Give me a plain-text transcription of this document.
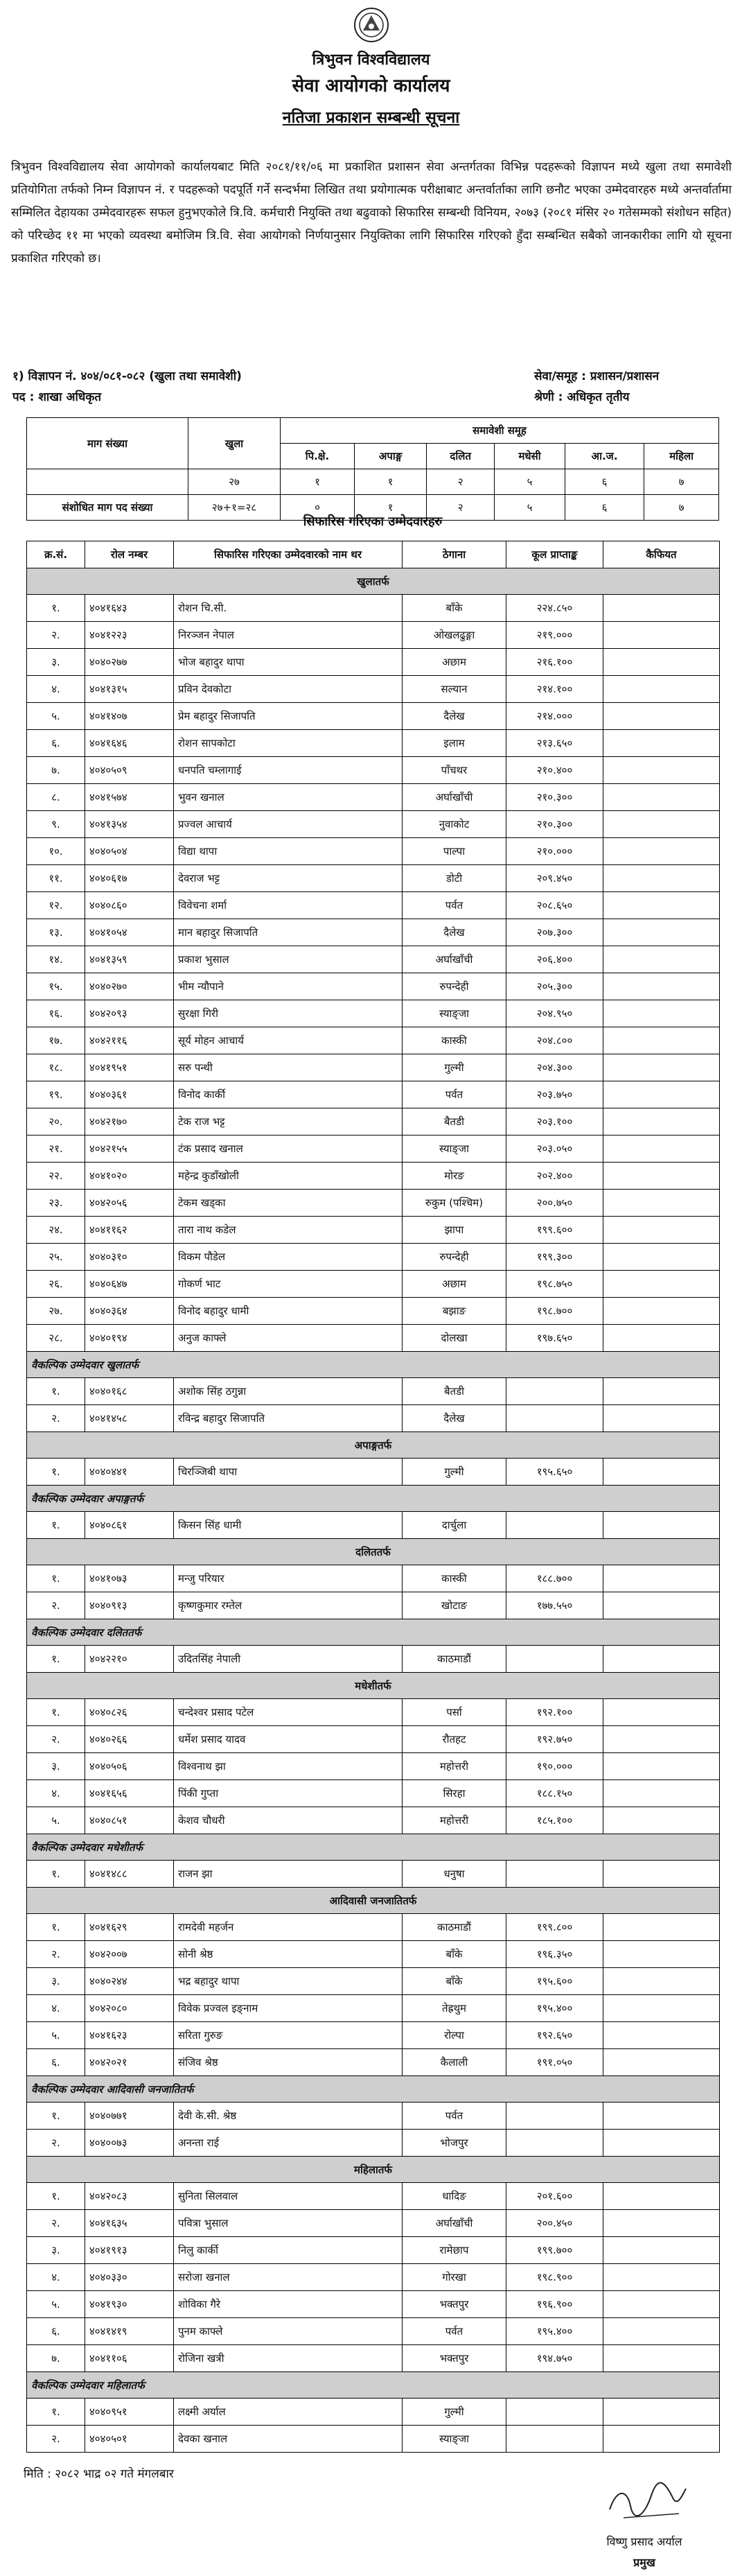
त्रिभुवन विश्वविद्यालय
सेवा आयोगको कार्यालय
नतिजा प्रकाशन सम्बन्धी सूचना
त्रिभुवन विश्वविद्यालय सेवा आयोगको कार्यालयबाट मिति २०८१/११/०६ मा प्रकाशित प्रशासन सेवा अन्तर्गतका विभिन्न पदहरूको विज्ञापन मध्ये खुला तथा समावेशी प्रतियोगिता तर्फको निम्न विज्ञापन नं. र पदहरूको पदपूर्ति गर्ने सन्दर्भमा लिखित तथा प्रयोगात्मक परीक्षाबाट अन्तर्वार्ताका लागि छनौट भएका उम्मेदवारहरु मध्ये अन्तर्वार्तामा सम्मिलित देहायका उम्मेदवारहरू सफल हुनुभएकोले त्रि.वि. कर्मचारी नियुक्ति तथा बढुवाको सिफारिस सम्बन्धी विनियम, २०७३ (२०८१ मंसिर २० गतेसम्मको संशोधन सहित) को परिच्छेद ११ मा भएको व्यवस्था बमोजिम त्रि.वि. सेवा आयोगको निर्णयानुसार नियुक्तिका लागि सिफारिस गरिएको हुँदा सम्बन्धित सबैको जानकारीका लागि यो सूचना प्रकाशित गरिएको छ।
१) विज्ञापन नं. ४०४/०८१-०८२ (खुला तथा समावेशी)	सेवा/समूह : प्रशासन/प्रशासन
पद : शाखा अधिकृत	श्रेणी : अधिकृत तृतीय
माग संख्या	खुला	समावेशी समूह					
		पि.क्षे.	अपाङ्ग	दलित	मधेसी	आ.ज.	महिला
	२७	१	१	२	५	६	७
संशोधित माग पद संख्या	२७+१=२८	०	१	२	५	६	७
सिफारिस गरिएका उम्मेदवारहरु
क्र.सं.	रोल नम्बर	सिफारिस गरिएका उम्मेदवारको नाम थर	ठेगाना	कूल प्राप्ताङ्क	कैफियत
खुलातर्फ					
१.	४०४१६४३	रोशन चि.सी.	बाँके	२२४.८५०	
२.	४०४१२२३	निरञ्जन नेपाल	ओखलढुङ्गा	२१९.०००	
३.	४०४०२७७	भोज बहादुर थापा	अछाम	२१६.१००	
४.	४०४१३१५	प्रविन देवकोटा	सल्यान	२१४.१००	
५.	४०४१४०७	प्रेम बहादुर सिजापति	दैलेख	२१४.०००	
६.	४०४१६४६	रोशन सापकोटा	इलाम	२१३.६५०	
७.	४०४०५०९	धनपति चम्लागाई	पाँचथर	२१०.४००	
८.	४०४१५७४	भुवन खनाल	अर्घाखाँची	२१०.३००	
९.	४०४१३५४	प्रज्वल आचार्य	नुवाकोट	२१०.३००	
१०.	४०४०५०४	विद्या थापा	पाल्पा	२१०.०००	
११.	४०४०६१७	देवराज भट्ट	डोटी	२०९.४५०	
१२.	४०४०८६०	विवेचना शर्मा	पर्वत	२०८.६५०	
१३.	४०४१०५४	मान बहादुर सिजापति	दैलेख	२०७.३००	
१४.	४०४१३५९	प्रकाश भुसाल	अर्घाखाँची	२०६.४००	
१५.	४०४०२७०	भीम न्यौपाने	रुपन्देही	२०५.३००	
१६.	४०४२०९३	सुरक्षा गिरी	स्याङ्जा	२०४.९५०	
१७.	४०४२११६	सूर्य मोहन आचार्य	कास्की	२०४.८००	
१८.	४०४१९५१	सरु पन्थी	गुल्मी	२०४.३००	
१९.	४०४०३६१	विनोद कार्की	पर्वत	२०३.७५०	
२०.	४०४२१७०	टेक राज भट्ट	बैतडी	२०३.१००	
२१.	४०४२१५५	टंक प्रसाद खनाल	स्याङ्जा	२०३.०५०	
२२.	४०४१०२०	महेन्द्र कुडाँखोली	मोरङ	२०२.४००	
२३.	४०४२०५६	टेकम खड्का	रुकुम (पश्चिम)	२००.७५०	
२४.	४०४११६२	तारा नाथ कडेल	झापा	१९९.६००	
२५.	४०४०३१०	विकम पौडेल	रुपन्देही	१९९.३००	
२६.	४०४०६४७	गोकर्ण भाट	अछाम	१९८.७५०	
२७.	४०४०३६४	विनोद बहादुर धामी	बझाङ	१९८.७००	
२८.	४०४०१९४	अनुज काफ्ले	दोलखा	१९७.६५०	
वैकल्पिक उम्मेदवार खुलातर्फ					
१.	४०४०१६८	अशोक सिंह ठगुन्ना	बैतडी		
२.	४०४१४५८	रविन्द्र बहादुर सिजापति	दैलेख		
अपाङ्गतर्फ					
१.	४०४०४४१	चिरञ्जिबी थापा	गुल्मी	१९५.६५०	
वैकल्पिक उम्मेदवार अपाङ्गतर्फ					
१.	४०४०८६१	किसन सिंह धामी	दार्चुला		
दलिततर्फ					
१.	४०४१०७३	मन्जु परियार	कास्की	१८८.७००	
२.	४०४०९१३	कृष्णकुमार रम्तेल	खोटाङ	१७७.५५०	
वैकल्पिक उम्मेदवार दलिततर्फ					
१.	४०४२२१०	उदितसिंह नेपाली	काठमाडौं		
मधेशीतर्फ					
१.	४०४०८२६	चन्देश्वर प्रसाद पटेल	पर्सा	१९२.१००	
२.	४०४०२६६	धर्मेश प्रसाद यादव	रौतहट	१९२.७५०	
३.	४०४०५०६	विश्वनाथ झा	महोत्तरी	१९०.०००	
४.	४०४१६५६	पिंकी गुप्ता	सिरहा	१८८.१५०	
५.	४०४०८५१	केशव चौधरी	महोत्तरी	१८५.१००	
वैकल्पिक उम्मेदवार मधेशीतर्फ					
१.	४०४१४८८	राजन झा	धनुषा		
आदिवासी जनजातितर्फ					
१.	४०४१६२९	रामदेवी महर्जन	काठमाडौं	१९९.८००	
२.	४०४२००७	सोनी श्रेष्ठ	बाँके	१९६.३५०	
३.	४०४०२४४	भद्र बहादुर थापा	बाँके	१९५.६००	
४.	४०४२०८०	विवेक प्रज्वल इङ्नाम	तेह्रथुम	१९५.४००	
५.	४०४१६२३	सरिता गुरुङ	रोल्पा	१९२.६५०	
६.	४०४२०२१	संजिव श्रेष्ठ	कैलाली	१९१.०५०	
वैकल्पिक उम्मेदवार आदिवासी जनजातितर्फ					
१.	४०४०७७१	देवी के.सी. श्रेष्ठ	पर्वत		
२.	४०४००७३	अनन्ता राई	भोजपुर		
महिलातर्फ					
१.	४०४२०८३	सुनिता सिलवाल	धादिङ	२०१.६००	
२.	४०४१६३५	पवित्रा भुसाल	अर्घाखाँची	२००.४५०	
३.	४०४१९१३	निलु कार्की	रामेछाप	१९९.७००	
४.	४०४०३३०	सरोजा खनाल	गोरखा	१९८.९००	
५.	४०४१९३०	शोविका गैरे	भक्तपुर	१९६.९००	
६.	४०४१४१९	पुनम काफ्ले	पर्वत	१९५.४००	
७.	४०४११०६	रोजिना खत्री	भक्तपुर	१९४.७५०	
वैकल्पिक उम्मेदवार महिलातर्फ					
१.	४०४०९५१	लक्ष्मी अर्याल	गुल्मी		
२.	४०४०५०१	देवका खनाल	स्याङ्जा		
मिति : २०८२ भाद्र ०२ गते मंगलबार
विष्णु प्रसाद अर्याल
प्रमुख
